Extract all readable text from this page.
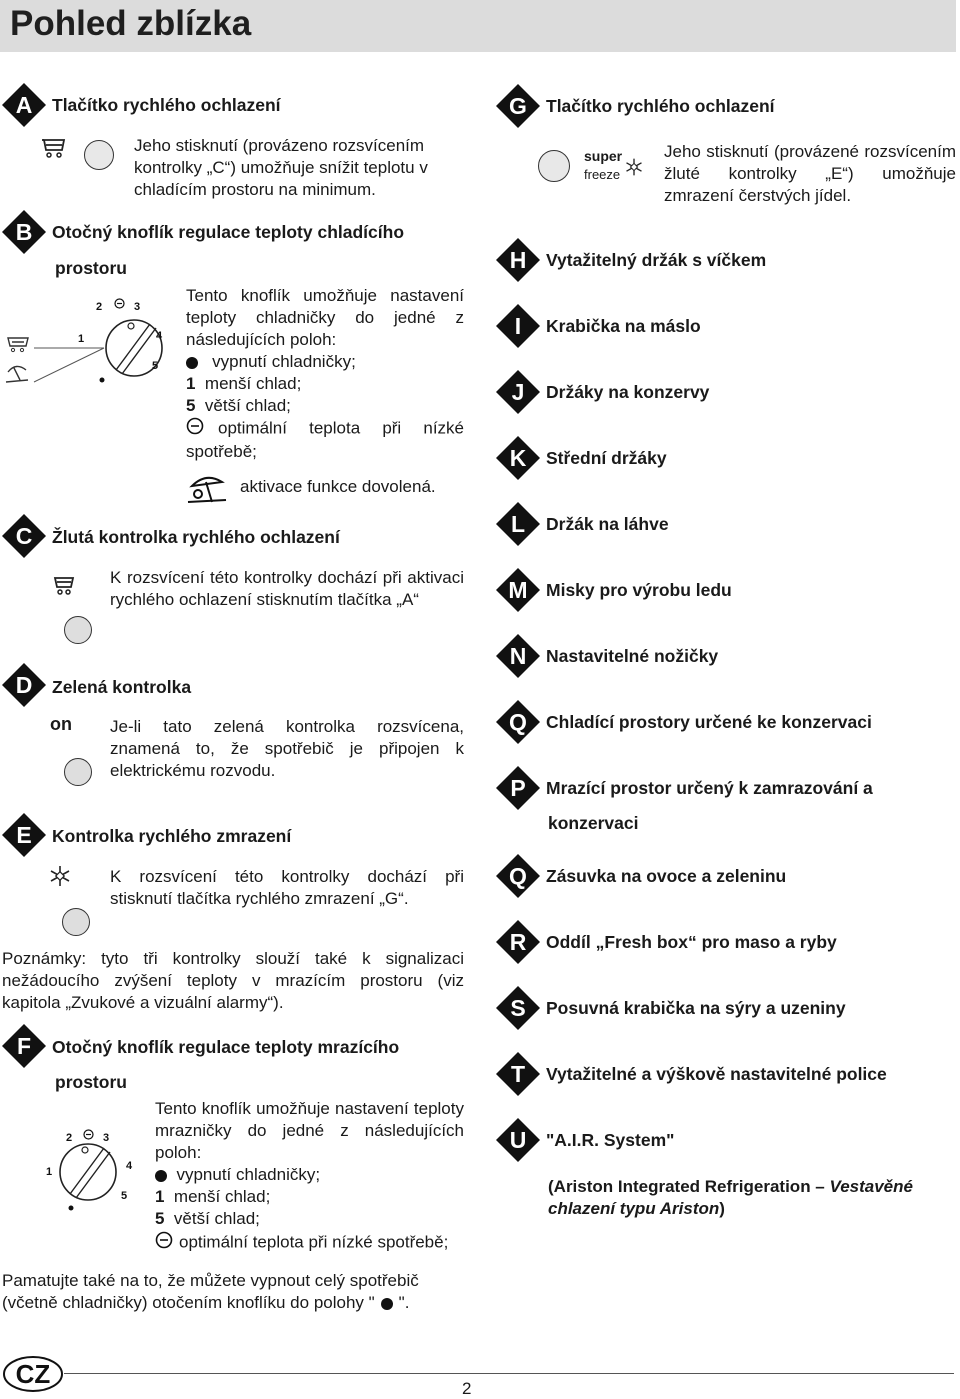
Pohled zblízka
A Tlačítko rychlého ochlazení
Jeho stisknutí (provázeno rozsvícením kontrolky „C“) umožňuje snížit teplotu v chladícím prostoru na minimum.
B Otočný knoflík regulace teploty chladícího
prostoru
1
2	3
4
5
Tento knoflík umožňuje nastavení teploty chladničky do jedné z následujících poloh:
vypnutí chladničky;
1 menší chlad;
5 větší chlad;
optimální teplota při nízké spotřebě;
aktivace funkce dovolená.
C Žlutá kontrolka rychlého ochlazení
K rozsvícení této kontrolky dochází při aktivaci rychlého ochlazení stisknutím tlačítka „A“
D Zelená kontrolka
on Je-li tato zelená kontrolka rozsvícena, znamená to, že spotřebič je připojen k elektrickému rozvodu.
E Kontrolka rychlého zmrazení
K rozsvícení této kontrolky dochází při stisknutí tlačítka rychlého zmrazení „G“.
Poznámky: tyto tři kontrolky slouží také k signalizaci nežádoucího zvýšení teploty v mrazícím prostoru (viz kapitola „Zvukové a vizuální alarmy“).
F Otočný knoflík regulace teploty mrazícího
prostoru
1
2	3
4
5
Tento knoflík umožňuje nastavení teploty mrazničky do jedné z následujících poloh:
vypnutí chladničky;
1 menší chlad;
5 větší chlad;
optimální teplota při nízké spotřebě;
Pamatujte také na to, že můžete vypnout celý spotřebič (včetně chladničky) otočením knoflíku do polohy " ".
CZ	2
G Tlačítko rychlého ochlazení
super
freeze
Jeho stisknutí (provázené rozsvícením žluté kontrolky „E“) umožňuje zmrazení čerstvých jídel.
H Vytažitelný držák s víčkem
I Krabička na máslo
J Držáky na konzervy
K Střední držáky
L Držák na láhve
M Misky pro výrobu ledu
N Nastavitelné nožičky
Q Chladící prostory určené ke konzervaci
P Mrazící prostor určený k zamrazování a
konzervaci
Q Zásuvka na ovoce a zeleninu
R Oddíl „Fresh box“ pro maso a ryby
S Posuvná krabička na sýry a uzeniny
T Vytažitelné a výškově nastavitelné police
U "A.I.R. System"
(Ariston Integrated Refrigeration – Vestavěné chlazení typu Ariston)
